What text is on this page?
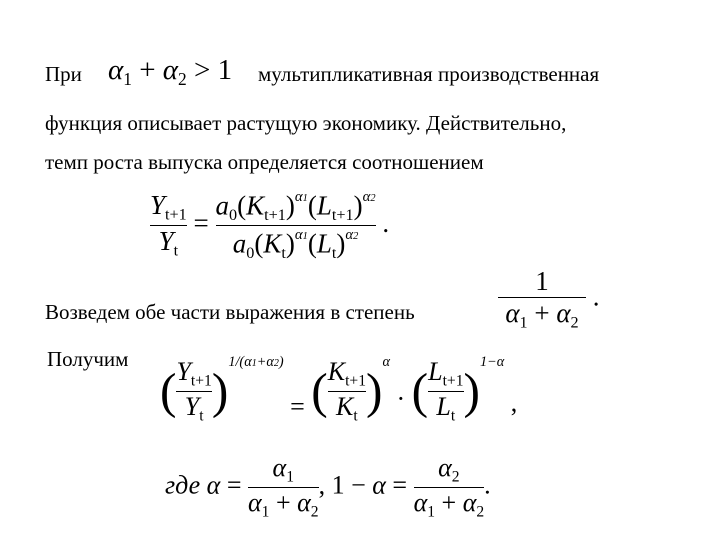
При	мультипликативная производственная
функция описывает растущую экономику. Действительно,
темп роста выпуска определяется соотношением
Возведем обе части выражения в степень
Получим
$\alpha_1 + \alpha_2 > 1$
$\frac{Y_{t+1}}{Y_t} = \frac{a_0(K_{t+1})^{\alpha 1}(L_{t+1})^{\alpha 2}}{a_0(K_t)^{\alpha 1}(L_t)^{\alpha 2}}$ .
$\frac{1}{\alpha_1 + \alpha_2}$ .
( $\frac{Y_{t+1}}{Y_t} )^{1/(\alpha 1+\alpha 2)}$ = ( $\frac{K_{t+1}}{K_t} )^\alpha$ · ( $\frac{L_{t+1}}{L_t} )^{1-\alpha}$ ,
где $\alpha = \frac{\alpha_1}{\alpha_1 + \alpha_2}$ , $1 - \alpha = \frac{\alpha_2}{\alpha_1 + \alpha_2}$ .
